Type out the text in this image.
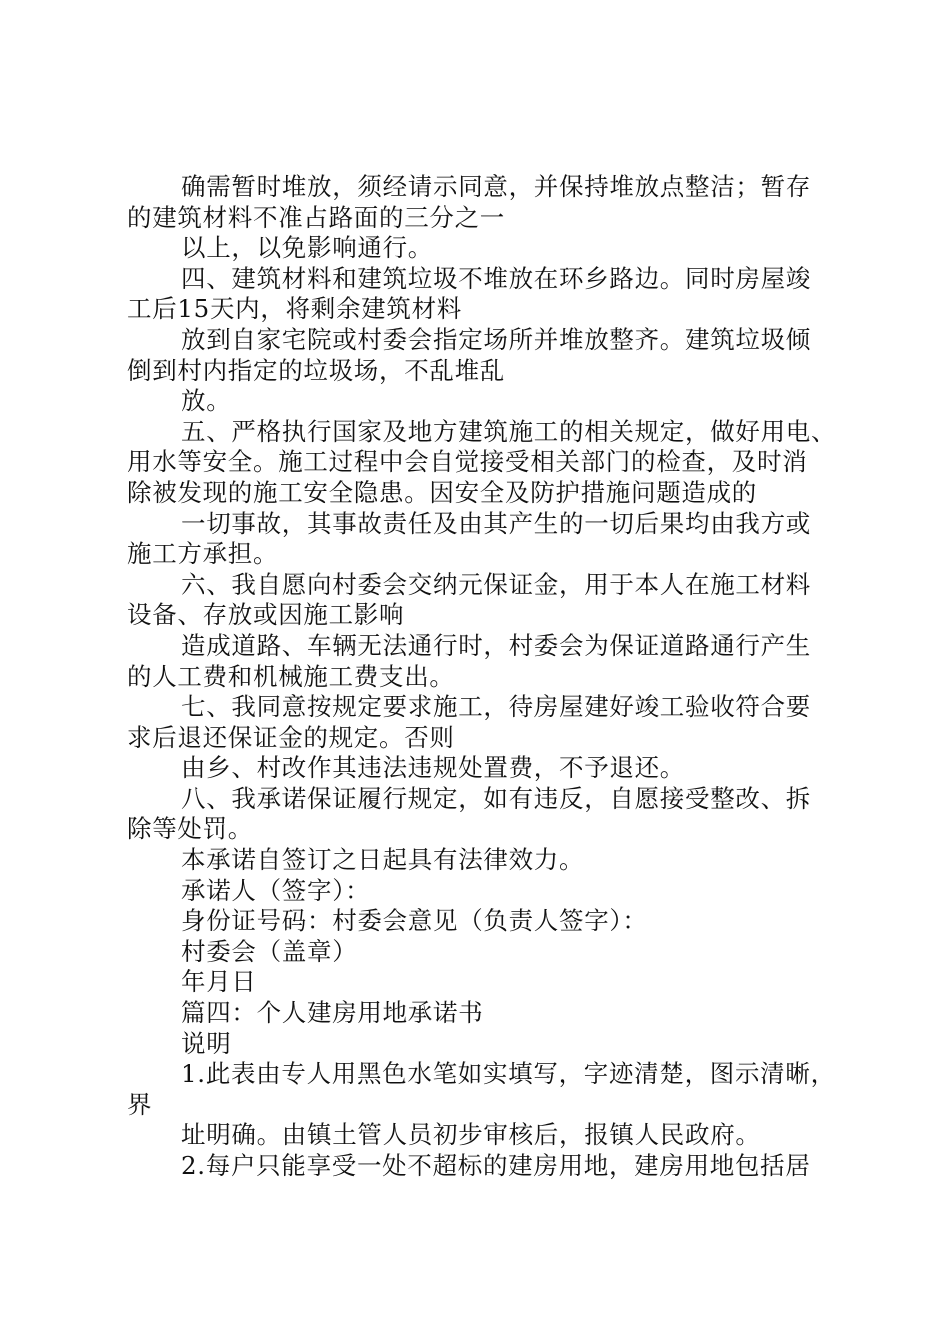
确需暂时堆放，须经请示同意，并保持堆放点整洁；暂存
的建筑材料不准占路面的三分之一
以上，以免影响通行。
四、建筑材料和建筑垃圾不堆放在环乡路边。同时房屋竣
工后15天内，将剩余建筑材料
放到自家宅院或村委会指定场所并堆放整齐。建筑垃圾倾
倒到村内指定的垃圾场，不乱堆乱
放。
五、严格执行国家及地方建筑施工的相关规定，做好用电、
用水等安全。施工过程中会自觉接受相关部门的检查，及时消
除被发现的施工安全隐患。因安全及防护措施问题造成的
一切事故，其事故责任及由其产生的一切后果均由我方或
施工方承担。
六、我自愿向村委会交纳元保证金，用于本人在施工材料
设备、存放或因施工影响
造成道路、车辆无法通行时，村委会为保证道路通行产生
的人工费和机械施工费支出。
七、我同意按规定要求施工，待房屋建好竣工验收符合要
求后退还保证金的规定。否则
由乡、村改作其违法违规处置费，不予退还。
八、我承诺保证履行规定，如有违反，自愿接受整改、拆
除等处罚。
本承诺自签订之日起具有法律效力。
承诺人（签字）：
身份证号码：村委会意见（负责人签字）：
村委会（盖章）
年月日
篇四：个人建房用地承诺书
说明
1.此表由专人用黑色水笔如实填写，字迹清楚，图示清晰，
界
址明确。由镇土管人员初步审核后，报镇人民政府。
2.每户只能享受一处不超标的建房用地，建房用地包括居
